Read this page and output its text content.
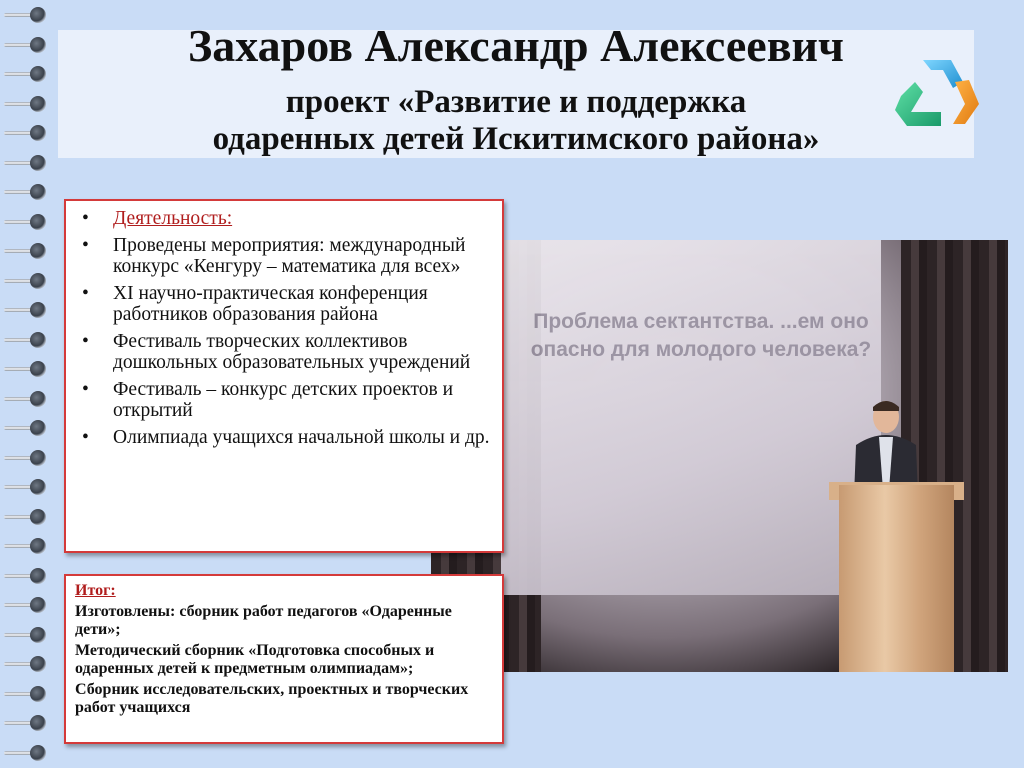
Захаров Александр Алексеевич
проект «Развитие и поддержка
одаренных детей Искитимского района»
Проблема сектантства. ...ем оно опасно для молодого человека?
• Деятельность:
• Проведены мероприятия: международный конкурс «Кенгуру – математика для всех»
• XI научно-практическая конференция работников образования района
• Фестиваль творческих коллективов дошкольных образовательных учреждений
• Фестиваль – конкурс детских проектов и открытий
• Олимпиада учащихся начальной школы и др.
Итог:

Изготовлены: сборник работ педагогов «Одаренные дети»;

Методический сборник «Подготовка способных и одаренных детей к предметным олимпиадам»;

Сборник исследовательских, проектных и творческих работ учащихся
